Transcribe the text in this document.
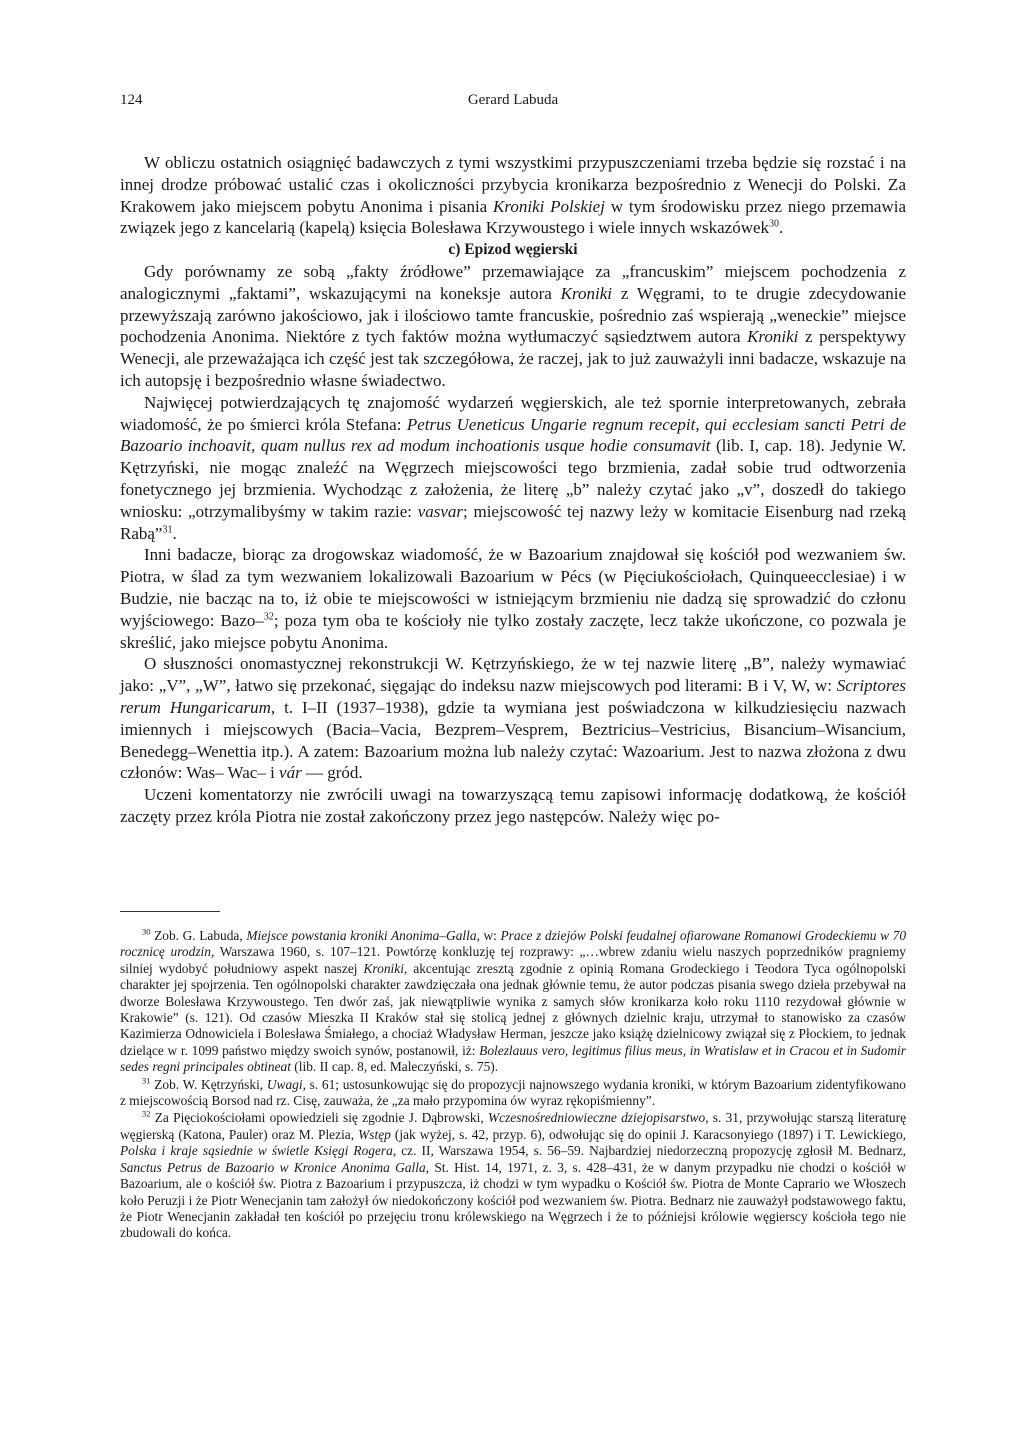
124	Gerard Labuda

W obliczu ostatnich osiągnięć badawczych z tymi wszystkimi przypuszczeniami trzeba będzie się rozstać i na innej drodze próbować ustalić czas i okoliczności przybycia kronikarza bezpośrednio z Wenecji do Polski. Za Krakowem jako miejscem pobytu Anonima i pisania Kroniki Polskiej w tym środowisku przez niego przemawia związek jego z kancelarią (kapelą) księcia Bolesława Krzywoustego i wiele innych wskazówek$^{30}$.

c) Epizod węgierski

Gdy porównamy ze sobą „fakty źródłowe” przemawiające za „francuskim” miejscem pochodzenia z analogicznymi „faktami”, wskazującymi na koneksje autora Kroniki z Węgrami, to te drugie zdecydowanie przewyższają zarówno jakościowo, jak i ilościowo tamte francuskie, pośrednio zaś wspierają „weneckie” miejsce pochodzenia Anonima. Niektóre z tych faktów można wytłumaczyć sąsiedztwem autora Kroniki z perspektywy Wenecji, ale przeważająca ich część jest tak szczegółowa, że raczej, jak to już zauważyli inni badacze, wskazuje na ich autopsję i bezpośrednio własne świadectwo.

Najwięcej potwierdzających tę znajomość wydarzeń węgierskich, ale też spornie interpretowanych, zebrała wiadomość, że po śmierci króla Stefana: Petrus Ueneticus Ungarie regnum recepit, qui ecclesiam sancti Petri de Bazoario inchoavit, quam nullus rex ad modum inchoationis usque hodie consumavit (lib. I, cap. 18). Jedynie W. Kętrzyński, nie mogąc znaleźć na Węgrzech miejscowości tego brzmienia, zadał sobie trud odtworzenia fonetycznego jej brzmienia. Wychodząc z założenia, że literę „b” należy czytać jako „v”, doszedł do takiego wniosku: „otrzymalibyśmy w takim razie: vasvar; miejscowość tej nazwy leży w komitacie Eisenburg nad rzeką Rabą”$^{31}$.

Inni badacze, biorąc za drogowskaz wiadomość, że w Bazoarium znajdował się kościół pod wezwaniem św. Piotra, w ślad za tym wezwaniem lokalizowali Bazoarium w Pécs (w Pięciukościołach, Quinqueecclesiae) i w Budzie, nie bacząc na to, iż obie te miejscowości w istniejącym brzmieniu nie dadzą się sprowadzić do członu wyjściowego: Bazo–$^{32}$; poza tym oba te kościoły nie tylko zostały zaczęte, lecz także ukończone, co pozwala je skreślić, jako miejsce pobytu Anonima.

O słuszności onomastycznej rekonstrukcji W. Kętrzyńskiego, że w tej nazwie literę „B”, należy wymawiać jako: „V”, „W”, łatwo się przekonać, sięgając do indeksu nazw miejscowych pod literami: B i V, W, w: Scriptores rerum Hungaricarum, t. I–II (1937–1938), gdzie ta wymiana jest poświadczona w kilkudziesięciu nazwach imiennych i miejscowych (Bacia–Vacia, Bezprem–Vesprem, Beztricius–Vestricius, Bisancium–Wisancium, Benedegg–Wenettia itp.). A zatem: Bazoarium można lub należy czytać: Wazoarium. Jest to nazwa złożona z dwu członów: Was– Wac– i vár — gród.

Uczeni komentatorzy nie zwrócili uwagi na towarzyszącą temu zapisowi informację dodatkową, że kościół zaczęty przez króla Piotra nie został zakończony przez jego następców. Należy więc po-

$^{30}$ Zob. G. Labuda, Miejsce powstania kroniki Anonima–Galla, w: Prace z dziejów Polski feudalnej ofiarowane Romanowi Grodeckiemu w 70 rocznicę urodzin, Warszawa 1960, s. 107–121. Powtórzę konkluzję tej rozprawy: „…wbrew zdaniu wielu naszych poprzedników pragniemy silniej wydobyć południowy aspekt naszej Kroniki, akcentując zresztą zgodnie z opinią Romana Grodeckiego i Teodora Tyca ogólnopolski charakter jej spojrzenia. Ten ogólnopolski charakter zawdzięczała ona jednak głównie temu, że autor podczas pisania swego dzieła przebywał na dworze Bolesława Krzywoustego. Ten dwór zaś, jak niewątpliwie wynika z samych słów kronikarza koło roku 1110 rezydował głównie w Krakowie” (s. 121). Od czasów Mieszka II Kraków stał się stolicą jednej z głównych dzielnic kraju, utrzymał to stanowisko za czasów Kazimierza Odnowiciela i Bolesława Śmiałego, a chociaż Władysław Herman, jeszcze jako książę dzielnicowy związał się z Płockiem, to jednak dzielące w r. 1099 państwo między swoich synów, postanowił, iż: Bolezlauus vero, legitimus filius meus, in Wratislaw et in Cracou et in Sudomir sedes regni principales obtineat (lib. II cap. 8, ed. Maleczyński, s. 75).

$^{31}$ Zob. W. Kętrzyński, Uwagi, s. 61; ustosunkowując się do propozycji najnowszego wydania kroniki, w którym Bazoarium zidentyfikowano z miejscowością Borsod nad rz. Cisę, zauważa, że „za mało przypomina ów wyraz rękopiśmienny”.

$^{32}$ Za Pięciokościołami opowiedzieli się zgodnie J. Dąbrowski, Wczesnośredniowieczne dziejopisarstwo, s. 31, przywołując starszą literaturę węgierską (Katona, Pauler) oraz M. Plezia, Wstęp (jak wyżej, s. 42, przyp. 6), odwołując się do opinii J. Karacsonyiego (1897) i T. Lewickiego, Polska i kraje sąsiednie w świetle Księgi Rogera, cz. II, Warszawa 1954, s. 56–59. Najbardziej niedorzeczną propozycję zgłosił M. Bednarz, Sanctus Petrus de Bazoario w Kronice Anonima Galla, St. Hist. 14, 1971, z. 3, s. 428–431, że w danym przypadku nie chodzi o kościół w Bazoarium, ale o kościół św. Piotra z Bazoarium i przypuszcza, iż chodzi w tym wypadku o Kościół św. Piotra de Monte Caprario we Włoszech koło Peruzji i że Piotr Wenecjanin tam założył ów niedokończony kościół pod wezwaniem św. Piotra. Bednarz nie zauważył podstawowego faktu, że Piotr Wenecjanin zakładał ten kościół po przejęciu tronu królewskiego na Węgrzech i że to późniejsi królowie węgierscy kościoła tego nie zbudowali do końca.
